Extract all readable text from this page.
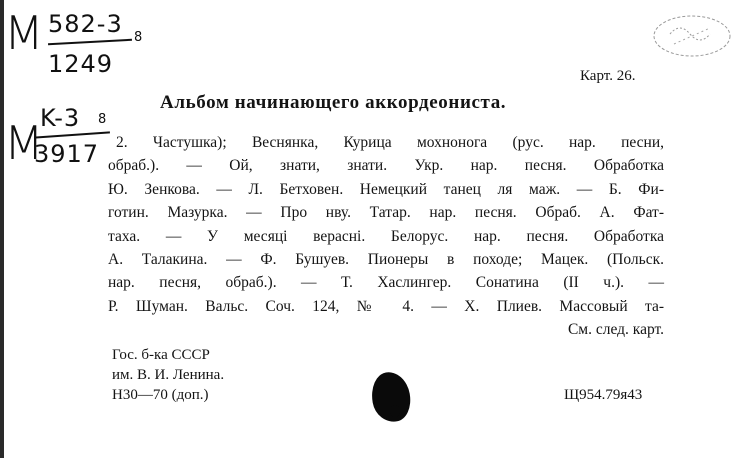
M 582-3
1249
8
M
K-3
3917
8
Карт. 26.
Альбом начинающего аккордеониста.
2. Частушка); Веснянка, Курица мохнонога (рус. нар. песни,
обраб.). — Ой, знати, знати. Укр. нар. песня. Обработка
Ю. Зенкова. — Л. Бетховен. Немецкий танец ля маж. — Б. Фи-
готин. Мазурка. — Про нву. Татар. нар. песня. Обраб. А. Фат-
таха. — У месяцi верасні. Белорус. нар. песня. Обработка
А. Талакина. — Ф. Бушуев. Пионеры в походе; Мацек. (Польск.
нар. песня, обраб.). — Т. Хаслингер. Сонатина (II ч.). —
Р. Шуман. Вальс. Соч. 124, № 4. — Х. Плиев. Массовый та-
См. след. карт.
Гос. б-ка СССР
им. В. И. Ленина.
Н30—70 (доп.)	Щ954.79я43
